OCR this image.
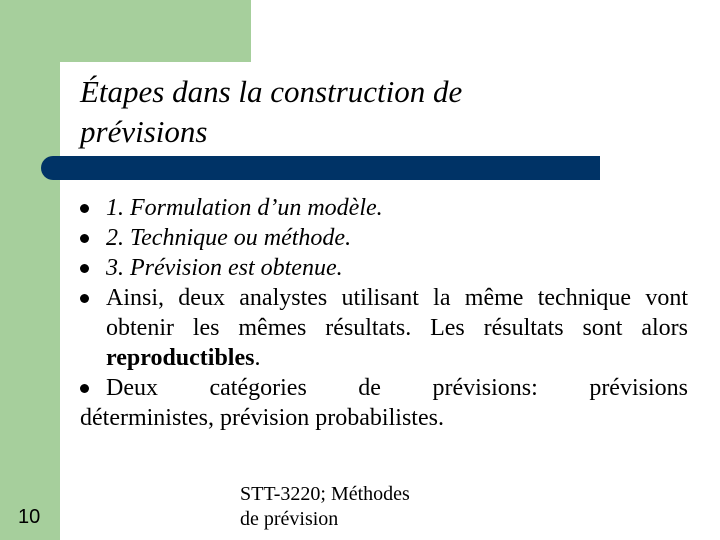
Étapes dans la construction de
prévisions
1. Formulation d’un modèle.
2. Technique ou méthode.
3. Prévision est obtenue.
Ainsi, deux analystes utilisant la même technique vont obtenir les mêmes résultats. Les résultats sont alors reproductibles.
Deux catégories de prévisions: prévisions
déterministes, prévision probabilistes.
STT-3220; Méthodes
de prévision
10
